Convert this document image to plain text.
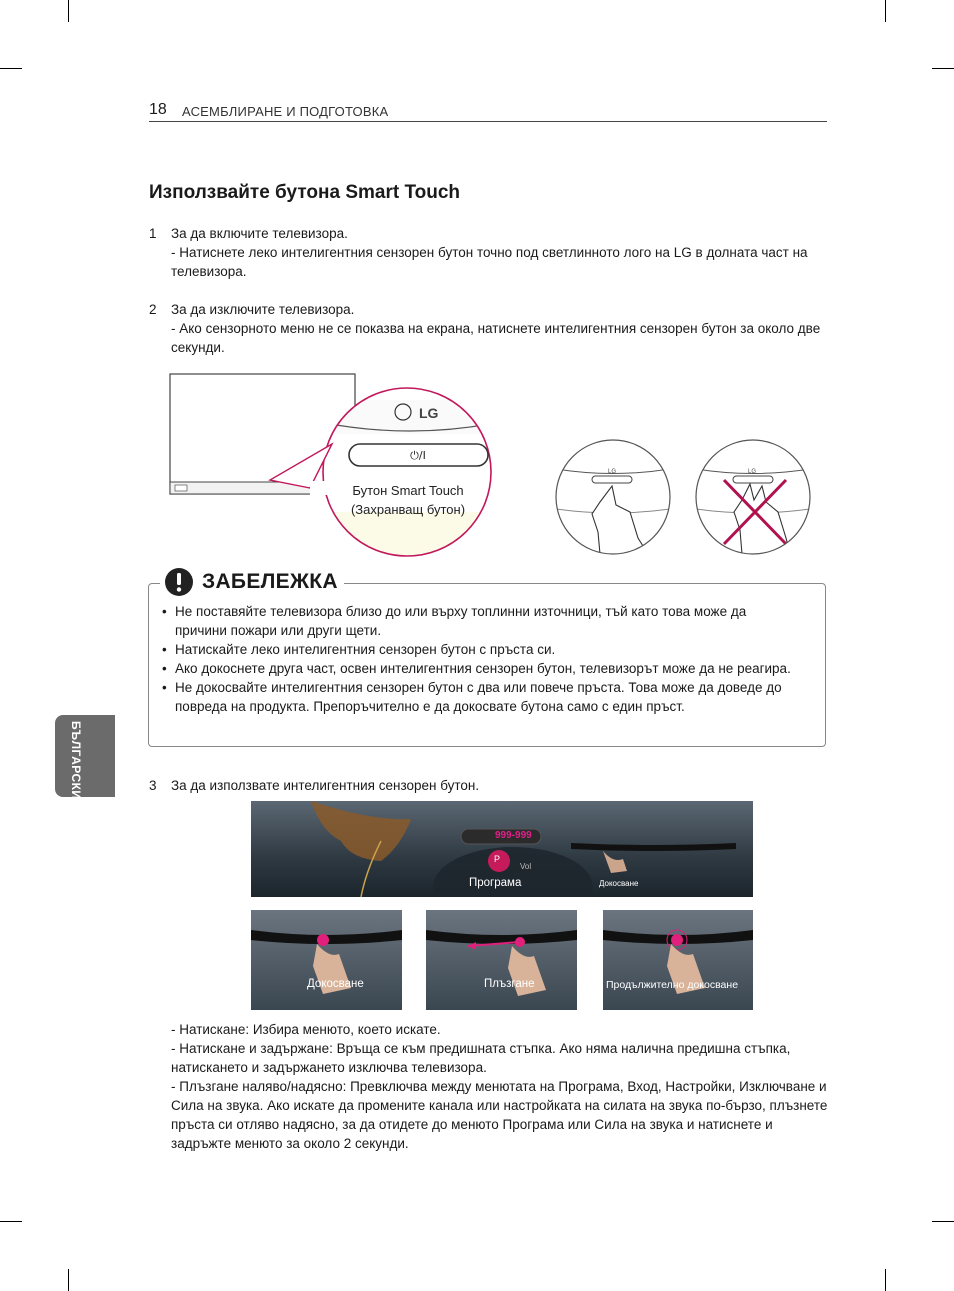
18 АСЕМБЛИРАНЕ И ПОДГОТОВКА
Използвайте бутона Smart Touch
1 За да включите телевизора.
- Натиснете леко интелигентния сензорен бутон точно под светлинното лого на LG в долната част на телевизора.
2 За да изключите телевизора.
- Ако сензорното меню не се показва на екрана, натиснете интелигентния сензорен бутон за около две секунди.
LG
⏻/I
Бутон Smart Touch
(Захранващ бутон)
LG	LG
ЗАБЕЛЕЖКА
• Не поставяйте телевизора близо до или върху топлинни източници, тъй като това може да причини пожари или други щети.
• Натискайте леко интелигентния сензорен бутон с пръста си.
• Ако докоснете друга част, освен интелигентния сензорен бутон, телевизорът може да не реагира.
• Не докосвайте интелигентния сензорен бутон с два или повече пръста. Това може да доведе до повреда на продукта. Препоръчително е да докосвате бутона само с един пръст.
БЪЛГАРСКИ	3 За да използвате интелигентния сензорен бутон.
999-999
P
Vol
Програма	Докосване
Докосване	Плъзгане	Продължително докосване
- Натискане: Избира менюто, което искате.
- Натискане и задържане: Връща се към предишната стъпка. Ако няма налична предишна стъпка, натискането и задържането изключва телевизора.
- Плъзгане наляво/надясно: Превключва между менютата на Програма, Вход, Настройки, Изключване и Сила на звука. Ако искате да промените канала или настройката на силата на звука по-бързо, плъзнете пръста си отляво надясно, за да отидете до менюто Програма или Сила на звука и натиснете и задръжте менюто за около 2 секунди.
